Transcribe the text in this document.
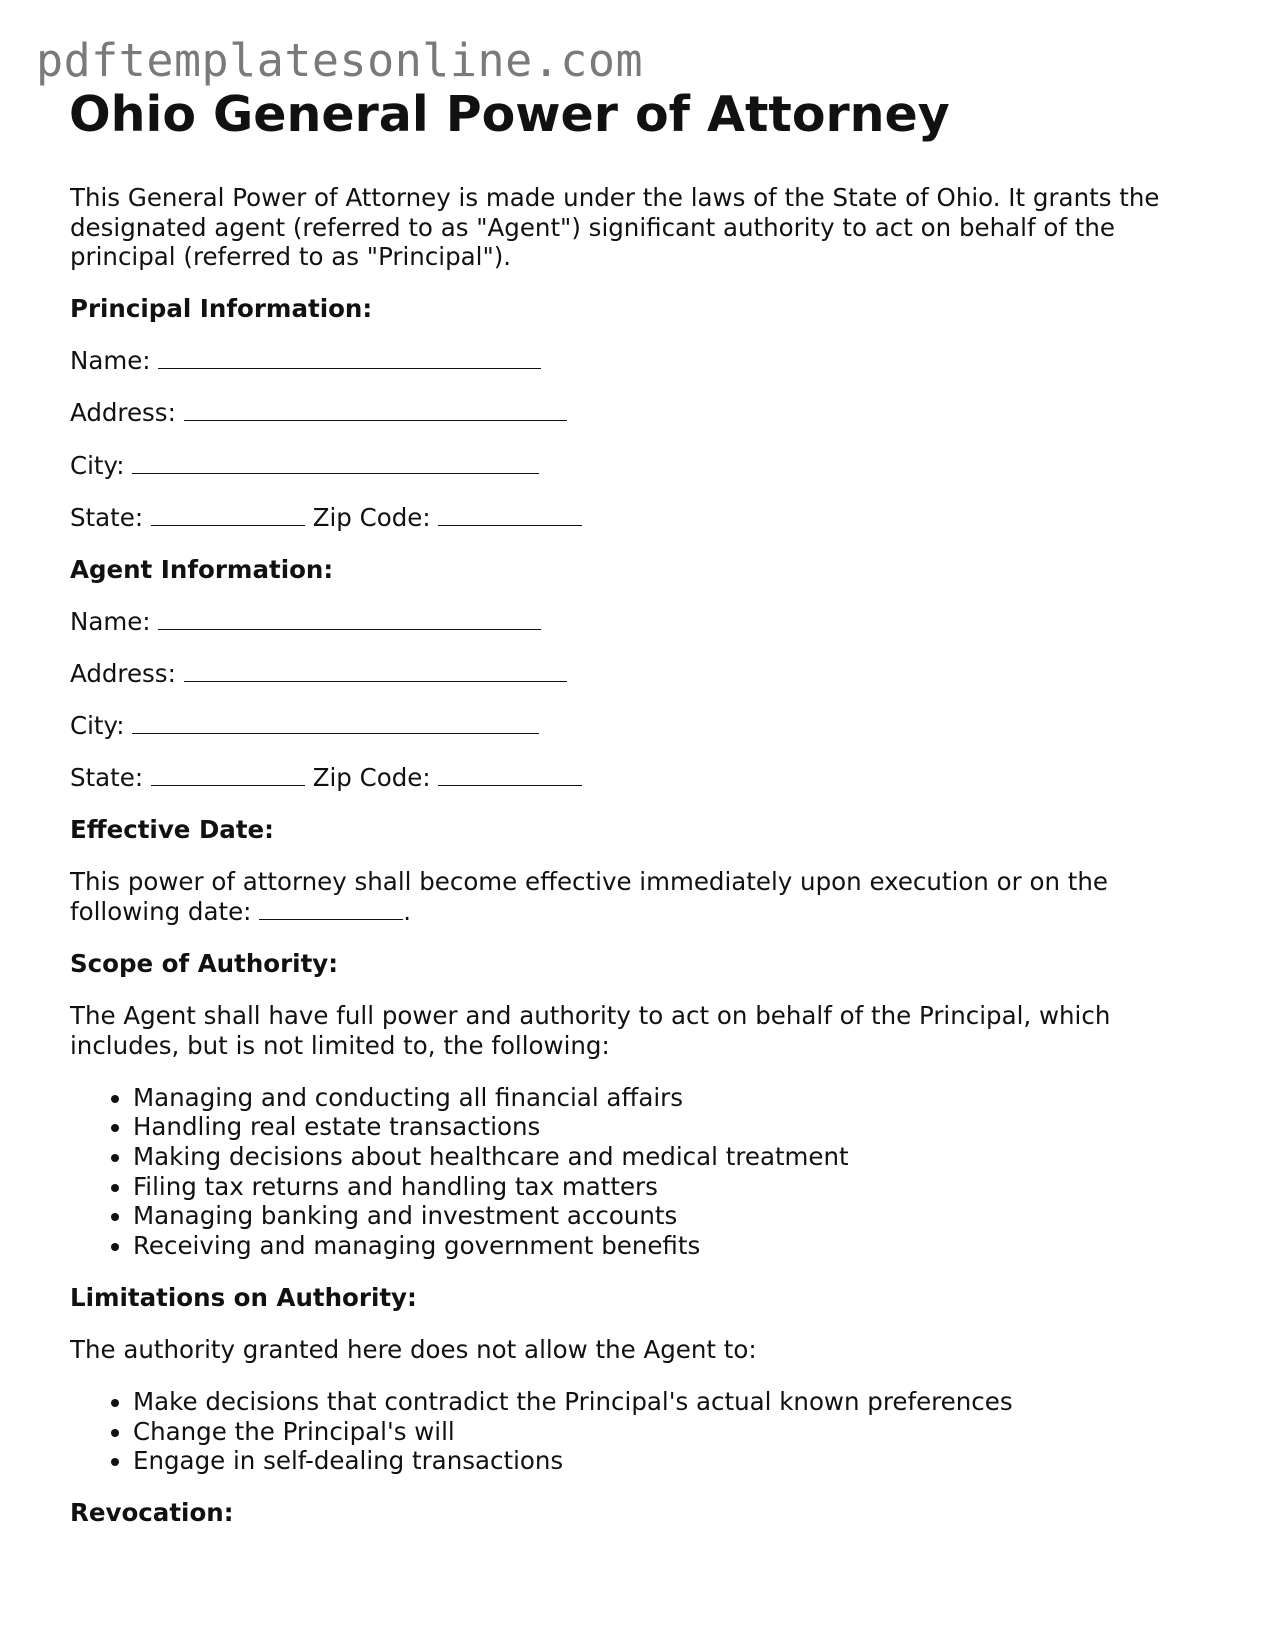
pdftemplatesonline.com
Ohio General Power of Attorney

This General Power of Attorney is made under the laws of the State of Ohio. It grants the designated agent (referred to as "Agent") significant authority to act on behalf of the principal (referred to as "Principal").

Principal Information:

Name:

Address:

City:

State:	Zip Code:

Agent Information:

Name:

Address:

City:

State:	Zip Code:

Effective Date:

This power of attorney shall become effective immediately upon execution or on the following date:	.

Scope of Authority:

The Agent shall have full power and authority to act on behalf of the Principal, which includes, but is not limited to, the following:

• Managing and conducting all financial affairs
• Handling real estate transactions
• Making decisions about healthcare and medical treatment
• Filing tax returns and handling tax matters
• Managing banking and investment accounts
• Receiving and managing government benefits
Limitations on Authority:

The authority granted here does not allow the Agent to:

• Make decisions that contradict the Principal's actual known preferences
• Change the Principal's will
• Engage in self-dealing transactions
Revocation:
